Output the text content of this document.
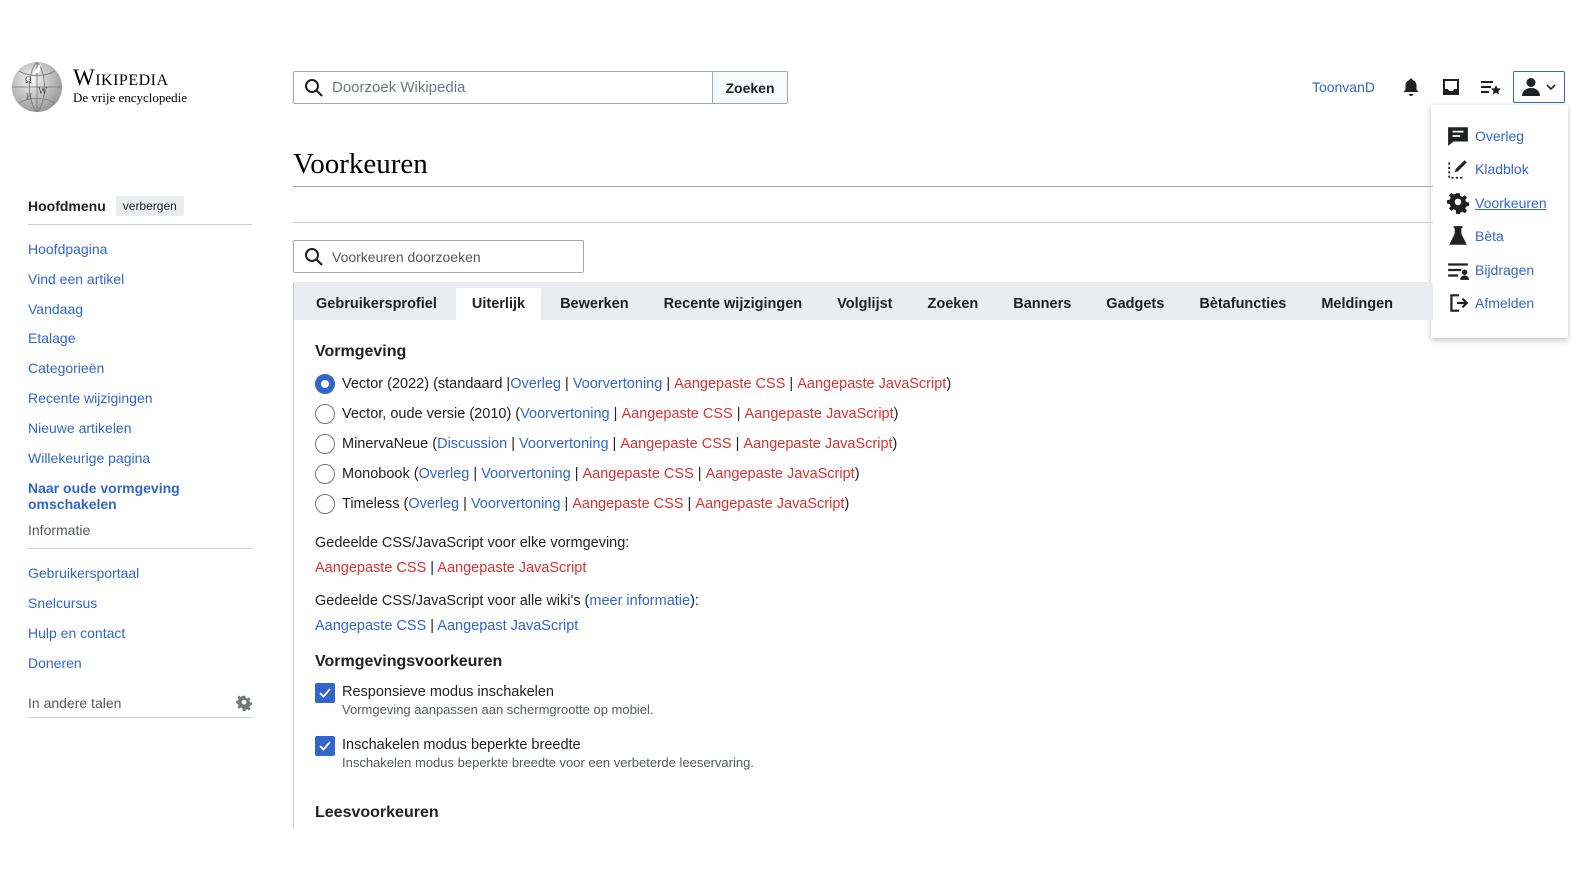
Ω
W
И
Wikipedia
De vrije encyclopedie
Doorzoek Wikipedia
Zoeken	ToonvanD
Overleg
Kladblok
Voorkeuren
Bèta
Bijdragen
Afmelden
Hoofdmenu	verbergen
Hoofdpagina
Vind een artikel
Vandaag
Etalage
Categorieën
Recente wijzigingen
Nieuwe artikelen
Willekeurige pagina
Naar oude vormgeving omschakelen
Informatie
Gebruikersportaal
Snelcursus
Hulp en contact
Doneren
In andere talen
Voorkeuren
Voorkeuren doorzoeken
Gebruikersprofiel	Uiterlijk	Bewerken	Recente wijzigingen	Volglijst	Zoeken	Banners	Gadgets	Bètafuncties	Meldingen
Vormgeving
Vector (2022) (standaard | Overleg | Voorvertoning | Aangepaste CSS | Aangepaste JavaScript )
Vector, oude versie (2010) ( Voorvertoning | Aangepaste CSS | Aangepaste JavaScript )
MinervaNeue ( Discussion | Voorvertoning | Aangepaste CSS | Aangepaste JavaScript )
Monobook ( Overleg | Voorvertoning | Aangepaste CSS | Aangepaste JavaScript )
Timeless ( Overleg | Voorvertoning | Aangepaste CSS | Aangepaste JavaScript )
Gedeelde CSS/JavaScript voor elke vormgeving:
Aangepaste CSS | Aangepaste JavaScript
Gedeelde CSS/JavaScript voor alle wiki's (meer informatie):
Aangepaste CSS | Aangepast JavaScript
Vormgevingsvoorkeuren
Responsieve modus inschakelen
Vormgeving aanpassen aan schermgrootte op mobiel.
Inschakelen modus beperkte breedte
Inschakelen modus beperkte breedte voor een verbeterde leeservaring.
Leesvoorkeuren
